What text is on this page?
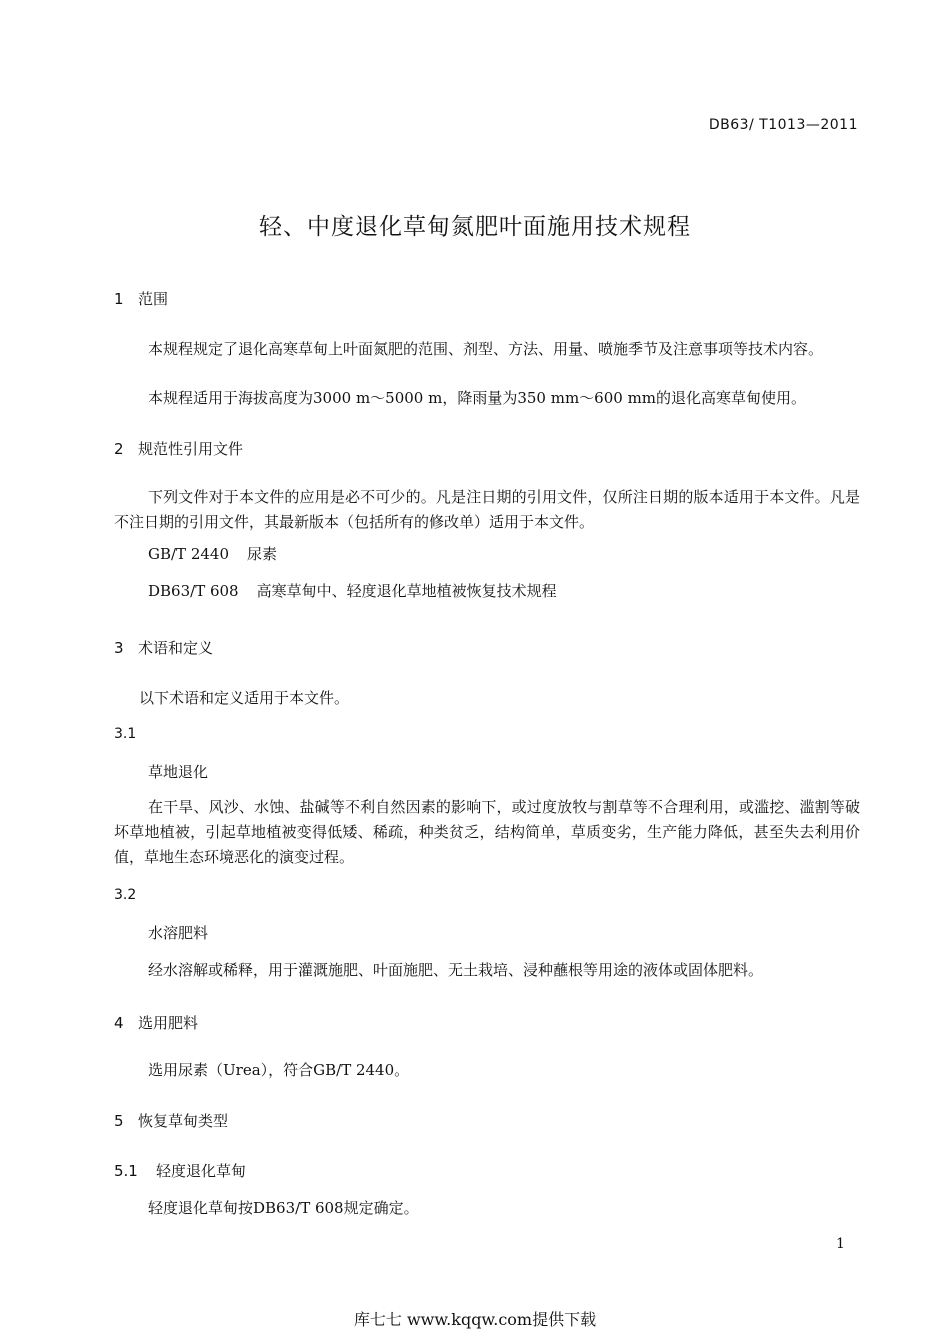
DB63/ T1013—2011
轻、中度退化草甸氮肥叶面施用技术规程
1 范围

本规程规定了退化高寒草甸上叶面氮肥的范围、剂型、方法、用量、喷施季节及注意事项等技术内容。

本规程适用于海拔高度为3000 m～5000 m，降雨量为350 mm～600 mm的退化高寒草甸使用。

2 规范性引用文件

下列文件对于本文件的应用是必不可少的。凡是注日期的引用文件，仅所注日期的版本适用于本文件。凡是不注日期的引用文件，其最新版本（包括所有的修改单）适用于本文件。

GB/T 2440 尿素
DB63/T 608 高寒草甸中、轻度退化草地植被恢复技术规程
3 术语和定义
以下术语和定义适用于本文件。
3.1
草地退化

在干旱、风沙、水蚀、盐碱等不利自然因素的影响下，或过度放牧与割草等不合理利用，或滥挖、滥割等破坏草地植被，引起草地植被变得低矮、稀疏，种类贫乏，结构简单，草质变劣，生产能力降低，甚至失去利用价值，草地生态环境恶化的演变过程。

3.2
水溶肥料

经水溶解或稀释，用于灌溉施肥、叶面施肥、无土栽培、浸种蘸根等用途的液体或固体肥料。

4 选用肥料

选用尿素（Urea），符合GB/T 2440。

5 恢复草甸类型
5.1 轻度退化草甸

轻度退化草甸按DB63/T 608规定确定。

1
库七七 www.kqqw.com提供下载
